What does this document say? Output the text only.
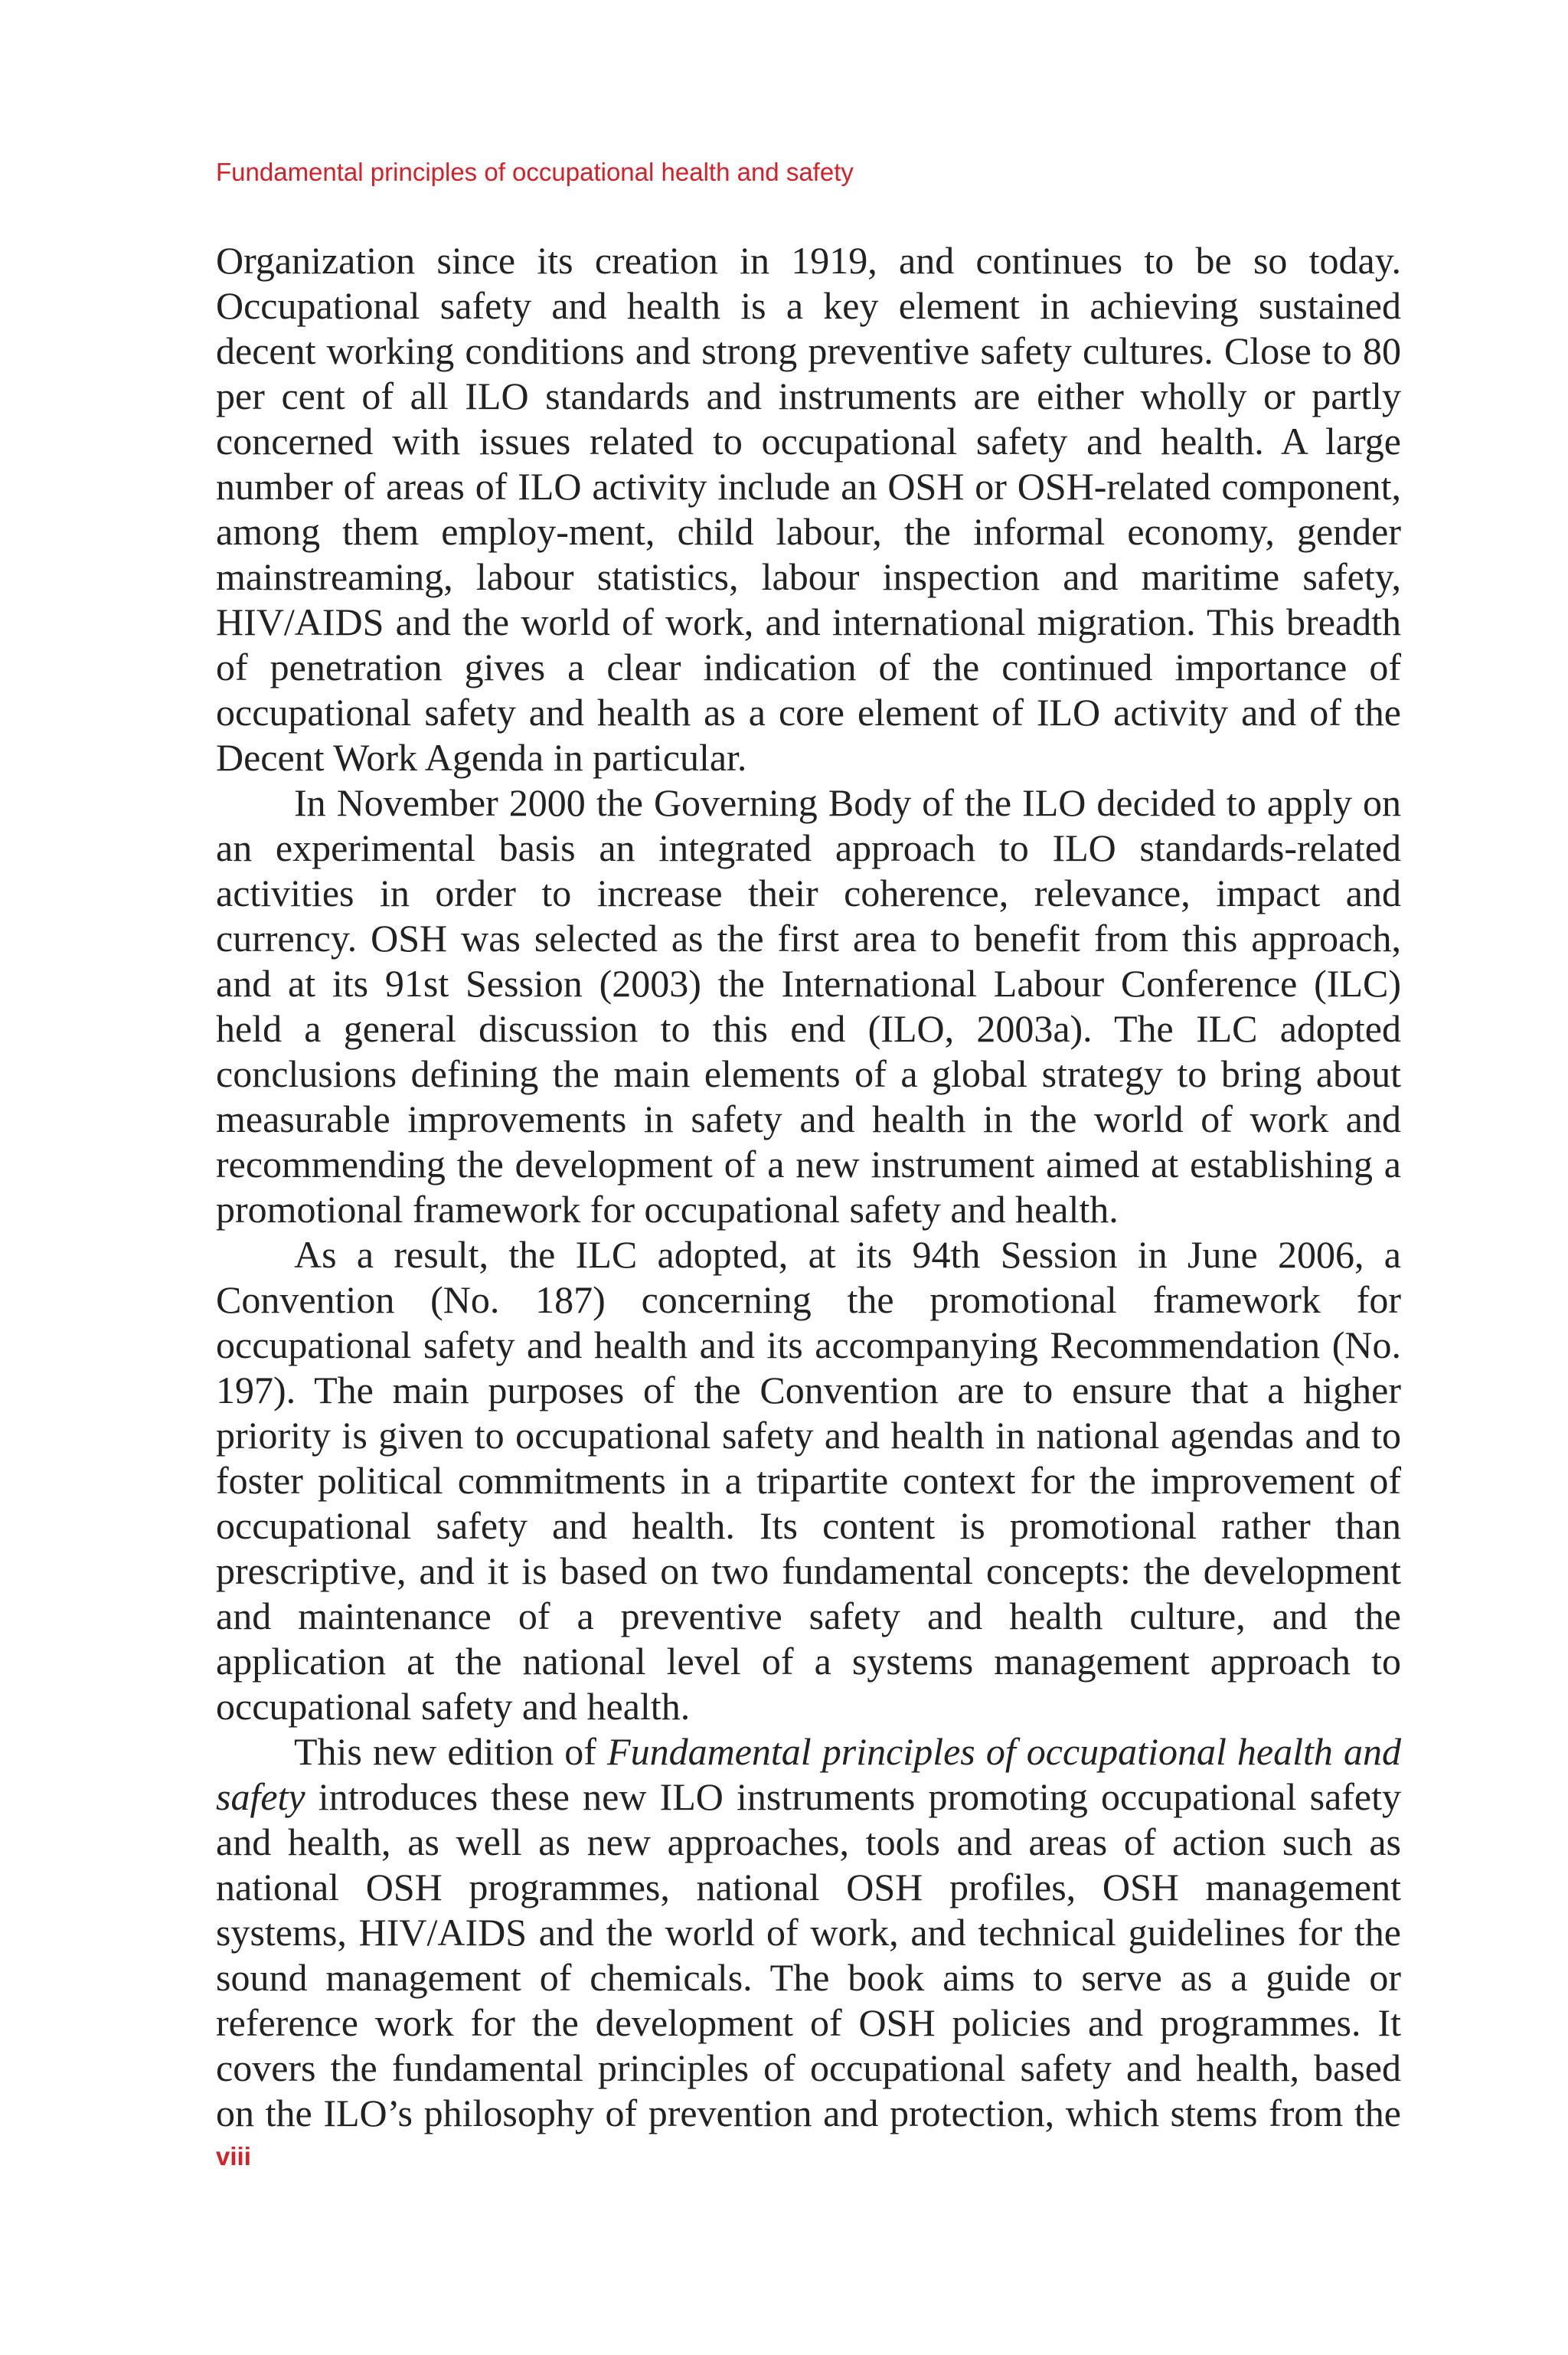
Fundamental principles of occupational health and safety

Organization since its creation in 1919, and continues to be so today. Occupational safety and health is a key element in achieving sustained decent working conditions and strong preventive safety cultures. Close to 80 per cent of all ILO standards and instruments are either wholly or partly concerned with issues related to occupational safety and health. A large number of areas of ILO activity include an OSH or OSH-related component, among them employ-ment, child labour, the informal economy, gender mainstreaming, labour statistics, labour inspection and maritime safety, HIV/AIDS and the world of work, and international migration. This breadth of penetration gives a clear indication of the continued importance of occupational safety and health as a core element of ILO activity and of the Decent Work Agenda in particular.

In November 2000 the Governing Body of the ILO decided to apply on an experimental basis an integrated approach to ILO standards-related activities in order to increase their coherence, relevance, impact and currency. OSH was selected as the first area to benefit from this approach, and at its 91st Session (2003) the International Labour Conference (ILC) held a general discussion to this end (ILO, 2003a). The ILC adopted conclusions defining the main elements of a global strategy to bring about measurable improvements in safety and health in the world of work and recommending the development of a new instrument aimed at establishing a promotional framework for occupational safety and health.

As a result, the ILC adopted, at its 94th Session in June 2006, a Convention (No. 187) concerning the promotional framework for occupational safety and health and its accompanying Recommendation (No. 197). The main purposes of the Convention are to ensure that a higher priority is given to occupational safety and health in national agendas and to foster political commitments in a tripartite context for the improvement of occupational safety and health. Its content is promotional rather than prescriptive, and it is based on two fundamental concepts: the development and maintenance of a preventive safety and health culture, and the application at the national level of a systems management approach to occupational safety and health.

This new edition of Fundamental principles of occupational health and safety introduces these new ILO instruments promoting occupational safety and health, as well as new approaches, tools and areas of action such as national OSH programmes, national OSH profiles, OSH management systems, HIV/AIDS and the world of work, and technical guidelines for the sound management of chemicals. The book aims to serve as a guide or reference work for the development of OSH policies and programmes. It covers the fundamental principles of occupational safety and health, based on the ILO’s philosophy of prevention and protection, which stems from the

viii
